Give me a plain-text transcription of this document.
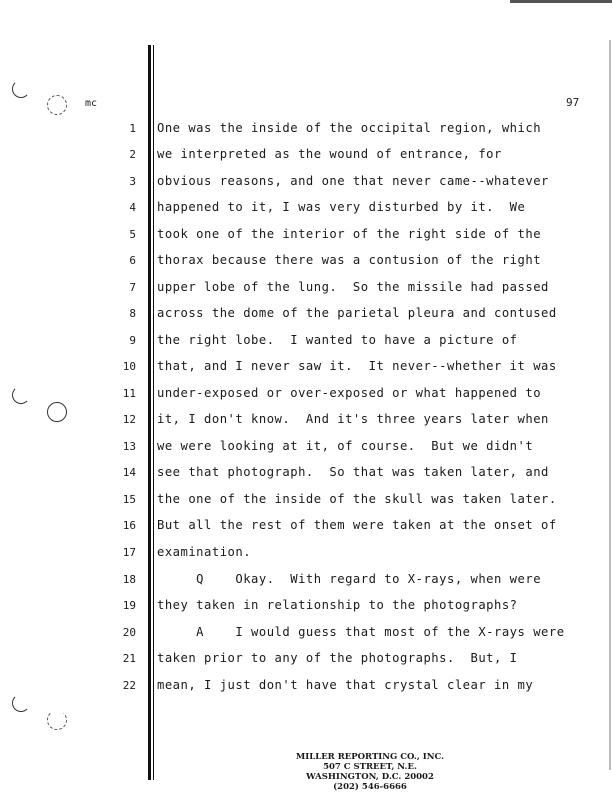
mc	97
1 One was the inside of the occipital region, which
2 we interpreted as the wound of entrance, for
3 obvious reasons, and one that never came--whatever
4 happened to it, I was very disturbed by it.  We
5 took one of the interior of the right side of the
6 thorax because there was a contusion of the right
7 upper lobe of the lung.  So the missile had passed
8 across the dome of the parietal pleura and contused
9 the right lobe.  I wanted to have a picture of
10 that, and I never saw it.  It never--whether it was
11 under-exposed or over-exposed or what happened to
12 it, I don't know.  And it's three years later when
13 we were looking at it, of course.  But we didn't
14 see that photograph.  So that was taken later, and
15 the one of the inside of the skull was taken later.
16 But all the rest of them were taken at the onset of
17 examination.
18 Q    Okay.  With regard to X-rays, when were
19 they taken in relationship to the photographs?
20 A    I would guess that most of the X-rays were
21 taken prior to any of the photographs.  But, I
22 mean, I just don't have that crystal clear in my
MILLER REPORTING CO., INC.
507 C STREET, N.E.
WASHINGTON, D.C. 20002
(202) 546-6666
